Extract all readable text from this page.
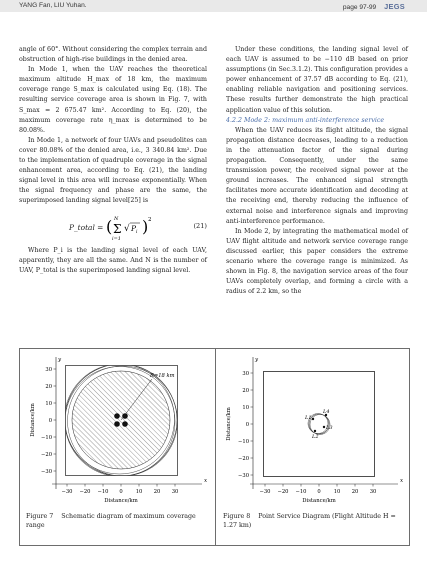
YANG Fan, LIU Yuhan.	page 97-99 JEGS

angle of 60°. Without considering the complex terrain and obstruction of high-rise buildings in the denied area.

In Mode 1, when the UAV reaches the theoretical maximum altitude H_max of 18 km, the maximum coverage range S_max is calculated using Eq. (18). The resulting service coverage area is shown in Fig. 7, with S_max = 2 675.47 km². According to Eq. (20), the maximum coverage rate η_max is determined to be 80.08%.

In Mode 1, a network of four UAVs and pseudolites can cover 80.08% of the denied area, i.e., 3 340.84 km². Due to the implementation of quadruple coverage in the signal enhancement area, according to Eq. (21), the landing signal level in this area will increase exponentially. When the signal frequency and phase are the same, the superimposed landing signal level[25] is

P_total = ( Σ
N
i=1
√ P i ) 2
(21)

Where P_i is the landing signal level of each UAV, apparently, they are all the same. And N is the number of UAV, P_total is the superimposed landing signal level.

Under these conditions, the landing signal level of each UAV is assumed to be −110 dB based on prior assumptions (in Sec.3.1.2). This configuration provides a power enhancement of 37.57 dB according to Eq. (21), enabling reliable navigation and positioning services. These results further demonstrate the high practical application value of this solution.

4.2.2 Mode 2: maximum anti-interference service

When the UAV reduces its flight altitude, the signal propagation distance decreases, leading to a reduction in the attenuation factor of the signal during propagation. Consequently, under the same transmission power, the received signal power at the ground increases. The enhanced signal strength facilitates more accurate identification and decoding at the receiving end, thereby reducing the influence of external noise and interference signals and improving anti-interference performance.

In Mode 2, by integrating the mathematical model of UAV flight altitude and network service coverage range discussed earlier, this paper considers the extreme scenario where the coverage range is minimized. As shown in Fig. 8, the navigation service areas of the four UAVs completely overlap, and forming a circle with a radius of 2.2 km, so the

x
y
−30 −20 −10 0	10 20 30
30
20
10
0
−10
−20
−30
Distance/km
Distance/km
R=18 km
Figure 7 Schematic diagram of maximum coverage range
x
y
−30 −20 −10 0	10 20 30
30
20
10
0
−10
−20
−30
Distance/km
Distance/km
L1
L4
L3
L2
Figure 8 Point Service Diagram (Flight Altitude H = 1.27 km)
